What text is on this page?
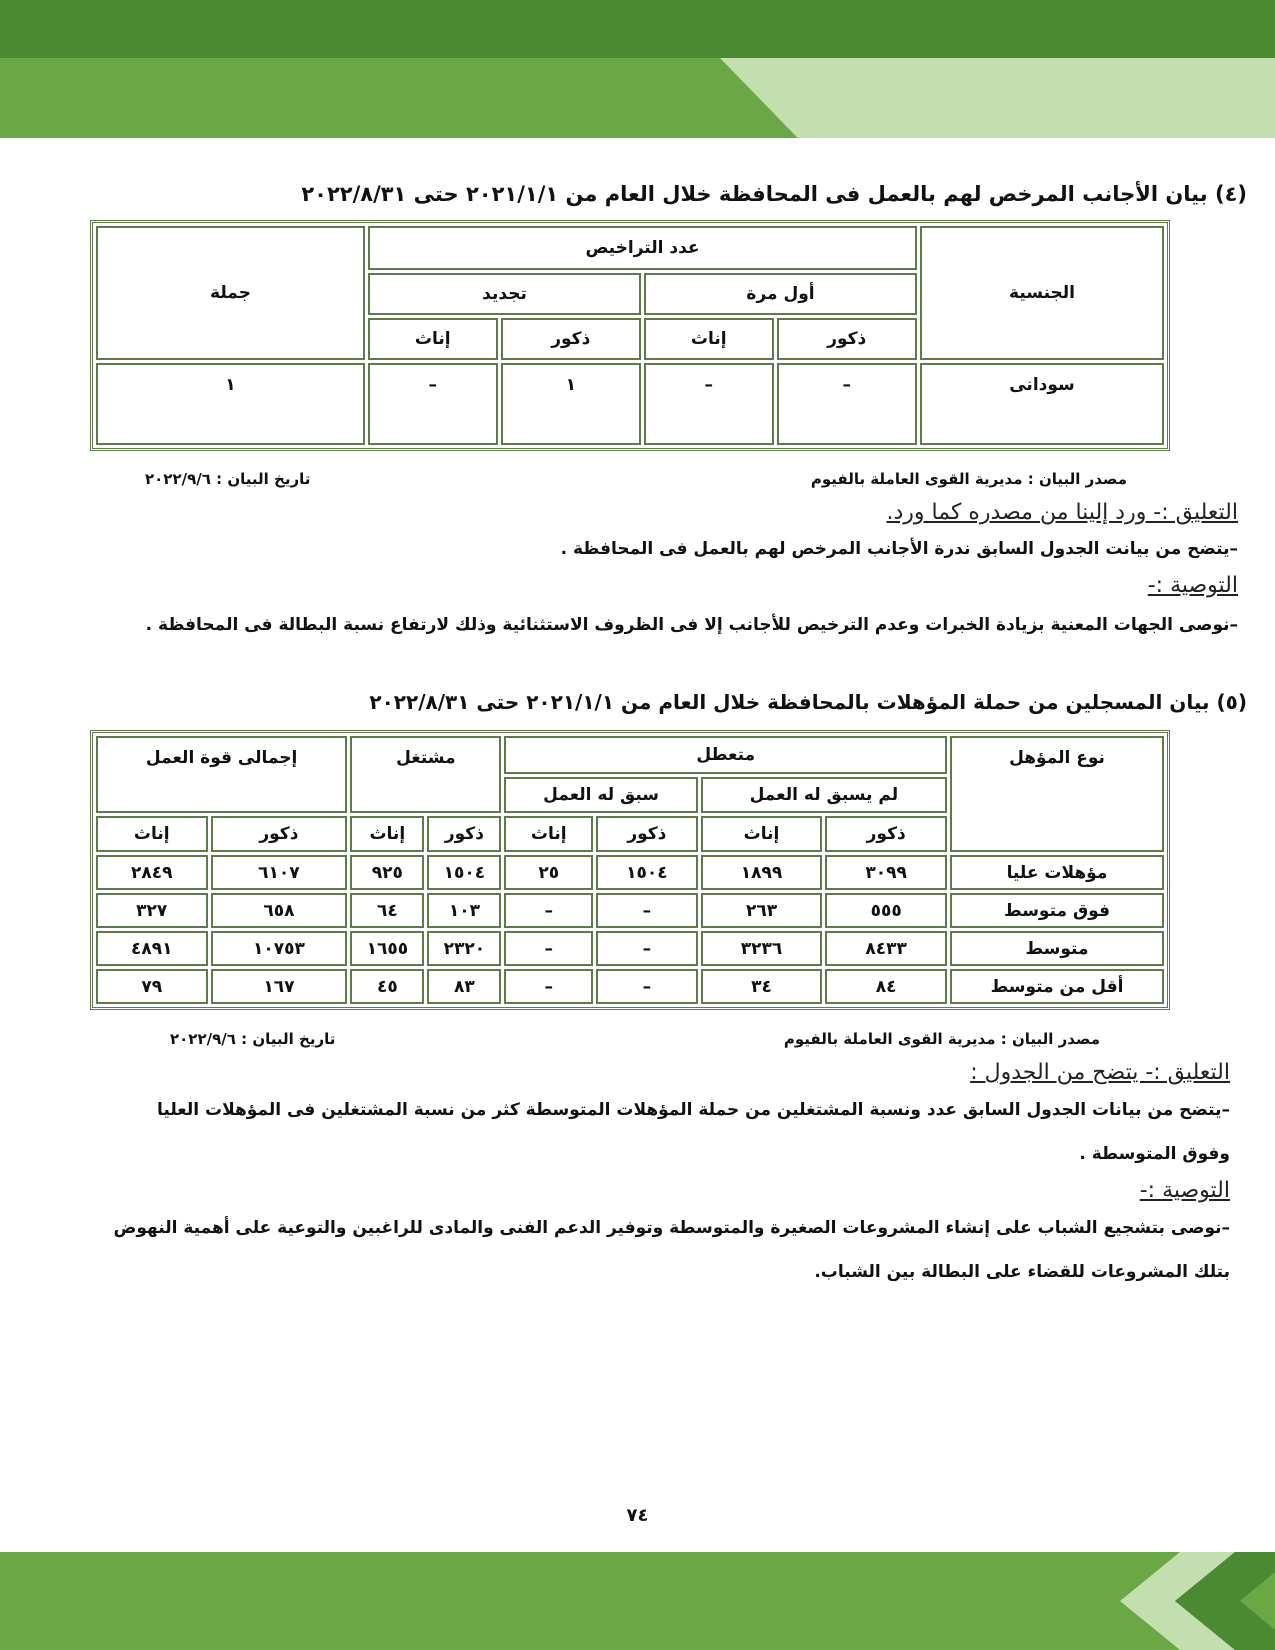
(٤) بيان الأجانب المرخص لهم بالعمل فى المحافظة خلال العام من ٢٠٢١/١/١ حتى ٢٠٢٢/٨/٣١
الجنسية	عدد التراخيص				جملة
	أول مرة		تجديد		
	ذكور	إناث	ذكور	إناث	
سودانى	–	–	١	–	١
مصدر البيان : مديرية القوى العاملة بالفيوم
تاريخ البيان : ٢٠٢٢/٩/٦
التعليق :- ورد إلينا من مصدره كما ورد.
–يتضح من بيانت الجدول السابق ندرة الأجانب المرخص لهم بالعمل فى المحافظة .
التوصية :-
–نوصى الجهات المعنية بزيادة الخبرات وعدم الترخيص للأجانب إلا فى الظروف الاستثنائية وذلك لارتفاع نسبة البطالة فى المحافظة .
(٥) بيان المسجلين من حملة المؤهلات بالمحافظة خلال العام من ٢٠٢١/١/١ حتى ٢٠٢٢/٨/٣١
نوع المؤهل	متعطل				مشتغل		إجمالى قوة العمل	
	لم يسبق له العمل		سبق له العمل					
	ذكور	إناث	ذكور	إناث	ذكور	إناث	ذكور	إناث
مؤهلات عليا	٣٠٩٩	١٨٩٩	١٥٠٤	٢٥	١٥٠٤	٩٢٥	٦١٠٧	٢٨٤٩
فوق متوسط	٥٥٥	٢٦٣	–	–	١٠٣	٦٤	٦٥٨	٣٢٧
متوسط	٨٤٣٣	٣٢٣٦	–	–	٢٣٢٠	١٦٥٥	١٠٧٥٣	٤٨٩١
أقل من متوسط	٨٤	٣٤	–	–	٨٣	٤٥	١٦٧	٧٩
مصدر البيان : مديرية القوى العاملة بالفيوم
تاريخ البيان : ٢٠٢٢/٩/٦
التعليق :- يتضح من الجدول :
–يتضح من بيانات الجدول السابق عدد ونسبة المشتغلين من حملة المؤهلات المتوسطة كثر من نسبة المشتغلين فى المؤهلات العليا وفوق المتوسطة .
التوصية :-
–نوصى بتشجيع الشباب على إنشاء المشروعات الصغيرة والمتوسطة وتوفير الدعم الفنى والمادى للراغبين والتوعية على أهمية النهوض بتلك المشروعات للقضاء على البطالة بين الشباب.
٧٤
